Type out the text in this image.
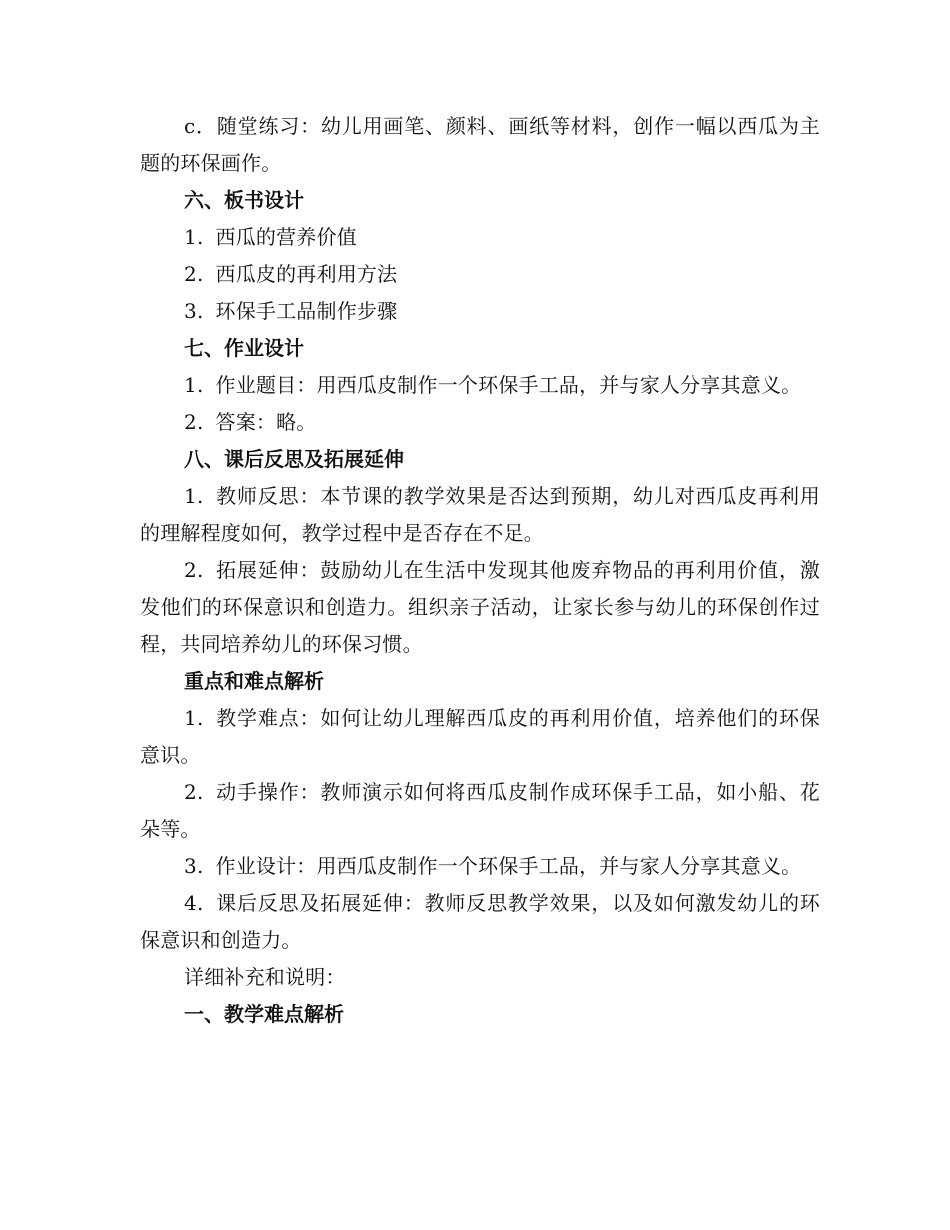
c．随堂练习：幼儿用画笔、颜料、画纸等材料，创作一幅以西瓜为主题的环保画作。

六、板书设计

1 . 西瓜的营养价值

2 . 西瓜皮的再利用方法

3 . 环保手工品制作步骤

七、作业设计

1 . 作业题目：用西瓜皮制作一个环保手工品，并与家人分享其意义。

2 . 答案：略。

八、课后反思及拓展延伸

1 . 教师反思：本节课的教学效果是否达到预期，幼儿对西瓜皮再利用的理解程度如何，教学过程中是否存在不足。

2 . 拓展延伸：鼓励幼儿在生活中发现其他废弃物品的再利用价值，激发他们的环保意识和创造力。组织亲子活动，让家长参与幼儿的环保创作过程，共同培养幼儿的环保习惯。

重点和难点解析

1 . 教学难点：如何让幼儿理解西瓜皮的再利用价值，培养他们的环保意识。

2 . 动手操作：教师演示如何将西瓜皮制作成环保手工品，如小船、花朵等。

3 . 作业设计：用西瓜皮制作一个环保手工品，并与家人分享其意义。

4 . 课后反思及拓展延伸：教师反思教学效果，以及如何激发幼儿的环保意识和创造力。

详细补充和说明：

一、教学难点解析
